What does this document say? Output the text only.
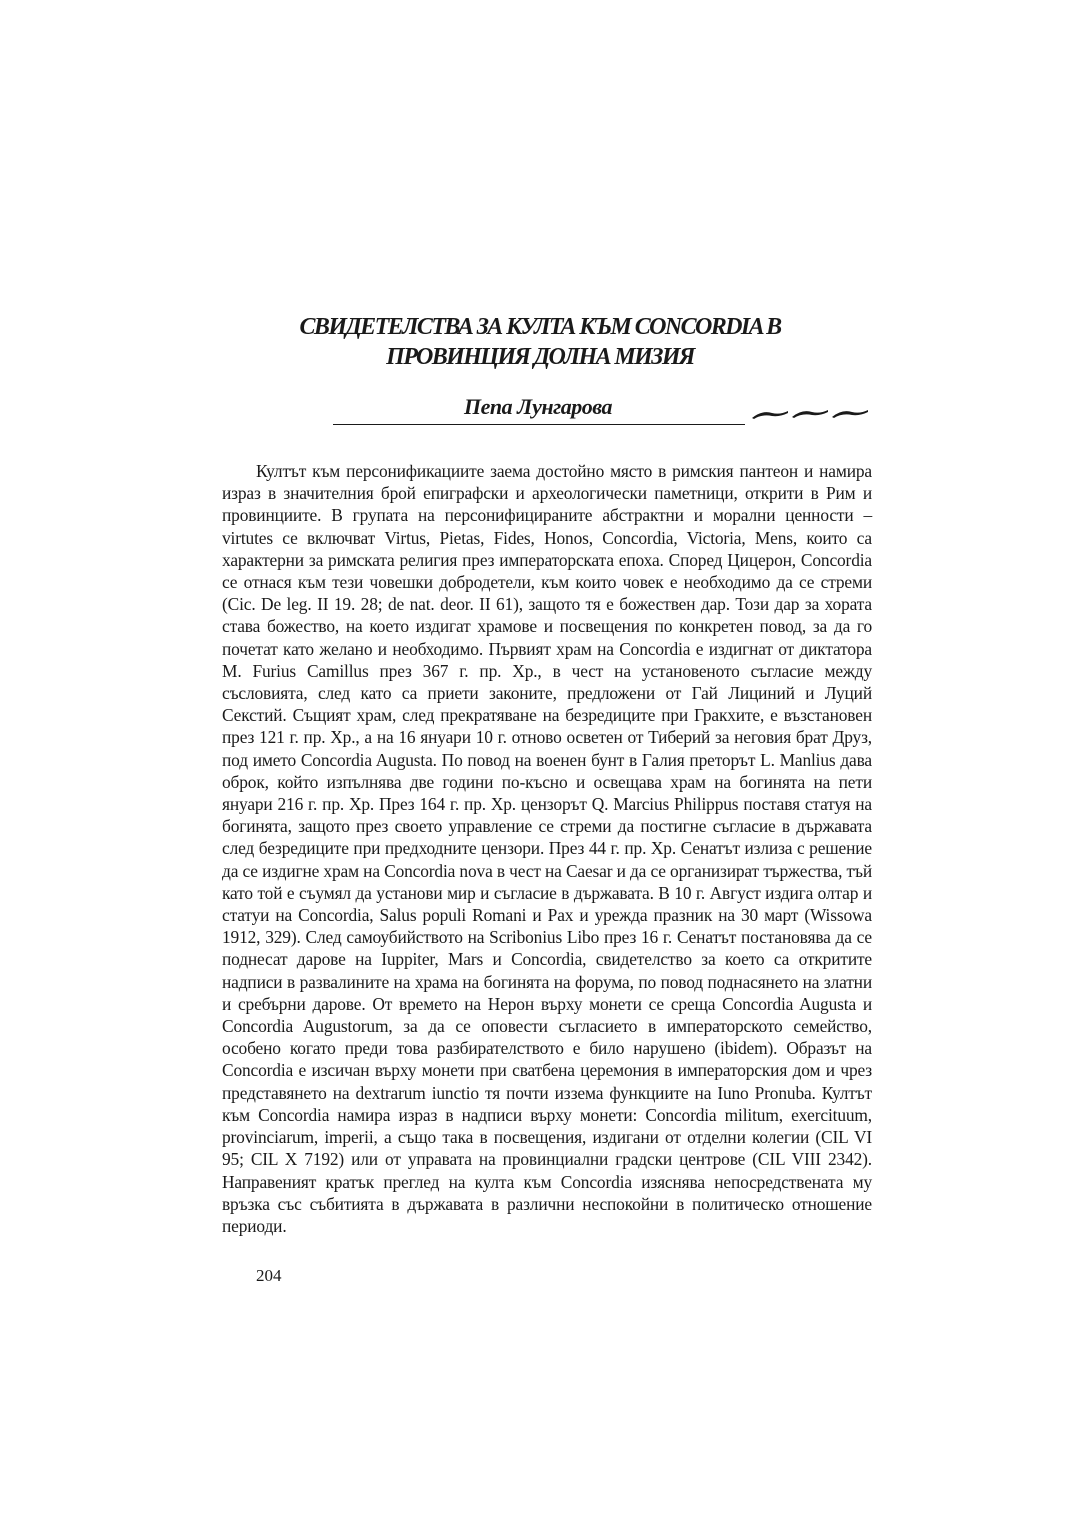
СВИДЕТЕЛСТВА ЗА КУЛТА КЪМ CONCORDIA В
ПРОВИНЦИЯ ДОЛНА МИЗИЯ
Пепа Лунгарова
Култът към персонификациите заема достойно място в римския пантеон и намира израз в значителния брой епиграфски и археологически паметници, открити в Рим и провинциите. В групата на персонифицираните абстрактни и морални ценности – virtutes се включват Virtus, Pietas, Fides, Honos, Concordia, Victoria, Mens, които са характерни за римската религия през императорската епоха. Според Цицерон, Concordia се отнася към тези човешки добродетели, към които човек е необходимо да се стреми (Cic. De leg. II 19. 28; de nat. deor. II 61), защото тя е божествен дар. Този дар за хората става божество, на което издигат храмове и посвещения по конкретен повод, за да го почетат като желано и необходимо. Първият храм на Concordia е издигнат от диктатора M. Furius Camillus през 367 г. пр. Хр., в чест на установеното съгласие между съсловията, след като са приети законите, предложени от Гай Лициний и Луций Секстий. Същият храм, след прекратяване на безредиците при Гракхите, е възстановен през 121 г. пр. Хр., а на 16 януари 10 г. отново осветен от Тиберий за неговия брат Друз, под името Concordia Augusta. По повод на военен бунт в Галия преторът L. Manlius дава оброк, който изпълнява две години по-късно и освещава храм на богинята на пети януари 216 г. пр. Хр. През 164 г. пр. Хр. цензорът Q. Marcius Philippus поставя статуя на богинята, защото през своето управление се стреми да постигне съгласие в държавата след безредиците при предходните цензори. През 44 г. пр. Хр. Сенатът излиза с решение да се издигне храм на Concordia nova в чест на Caesar и да се организират тържества, тъй като той е съумял да установи мир и съгласие в държавата. В 10 г. Август издига олтар и статуи на Concordia, Salus populi Romani и Pax и урежда празник на 30 март (Wissowa 1912, 329). След самоубийството на Scribonius Libo през 16 г. Сенатът постановява да се поднесат дарове на Iuppiter, Mars и Concordia, свидетелство за което са откритите надписи в развалините на храма на богинята на форума, по повод поднасянето на златни и сребърни дарове. От времето на Нерон върху монети се среща Concordia Augusta и Concordia Augustorum, за да се оповести съгласието в императорското семейство, особено когато преди това разбирателството е било нарушено (ibidem). Образът на Concordia е изсичан върху монети при сватбена церемония в императорския дом и чрез представянето на dextrarum iunctio тя почти иззема функциите на Iuno Pronuba. Култът към Concordia намира израз в надписи върху монети: Concordia militum, exercituum, provinciarum, imperii, а също така в посвещения, издигани от отделни колегии (CIL VI 95; CIL X 7192) или от управата на провинциални градски центрове (CIL VIII 2342). Направеният кратък преглед на култа към Concordia изяснява непосредствената му връзка със събитията в държавата в различни неспокойни в политическо отношение периоди.
204
